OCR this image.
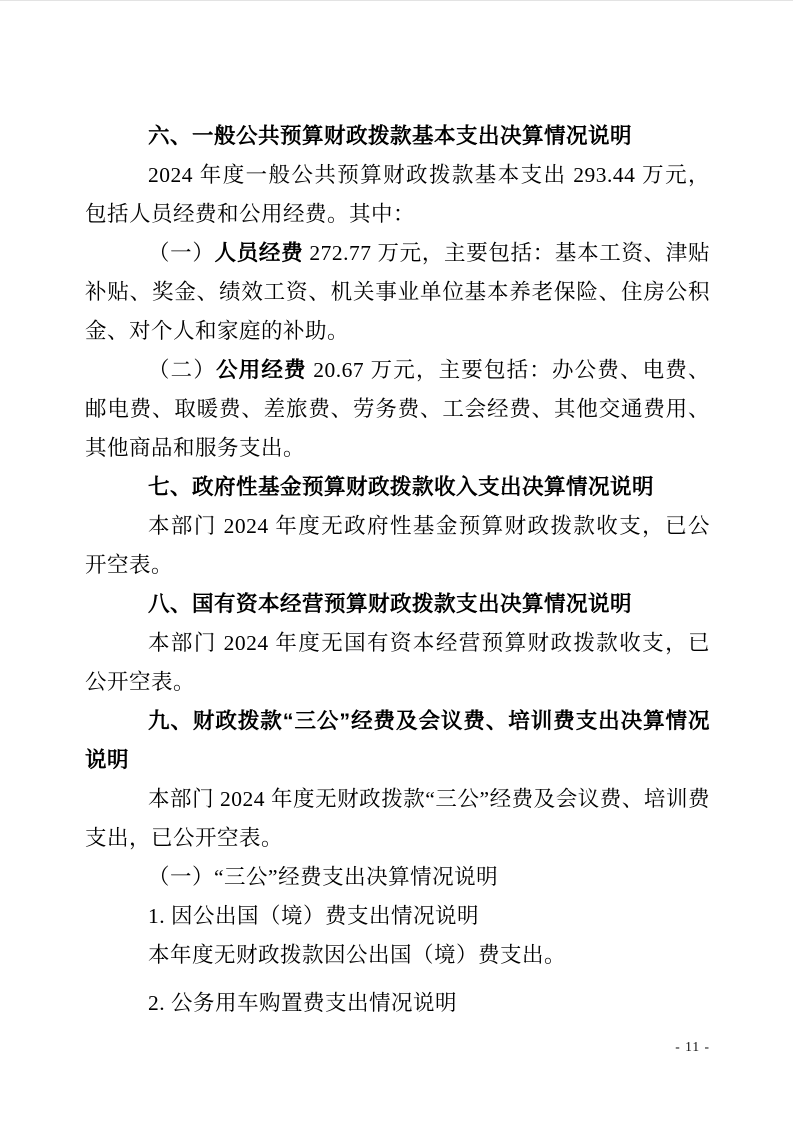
六、一般公共预算财政拨款基本支出决算情况说明

2024 年度一般公共预算财政拨款基本支出 293.44 万元，包括人员经费和公用经费。其中：

（一）人员经费 272.77 万元，主要包括：基本工资、津贴补贴、奖金、绩效工资、机关事业单位基本养老保险、住房公积金、对个人和家庭的补助。

（二）公用经费 20.67 万元，主要包括：办公费、电费、邮电费、取暖费、差旅费、劳务费、工会经费、其他交通费用、其他商品和服务支出。

七、政府性基金预算财政拨款收入支出决算情况说明

本部门 2024 年度无政府性基金预算财政拨款收支，已公开空表。

八、国有资本经营预算财政拨款支出决算情况说明

本部门 2024 年度无国有资本经营预算财政拨款收支，已公开空表。

九、财政拨款“三公”经费及会议费、培训费支出决算情况说明

本部门 2024 年度无财政拨款“三公”经费及会议费、培训费支出，已公开空表。

（一）“三公”经费支出决算情况说明

1. 因公出国（境）费支出情况说明

本年度无财政拨款因公出国（境）费支出。

2. 公务用车购置费支出情况说明

- 11 -
